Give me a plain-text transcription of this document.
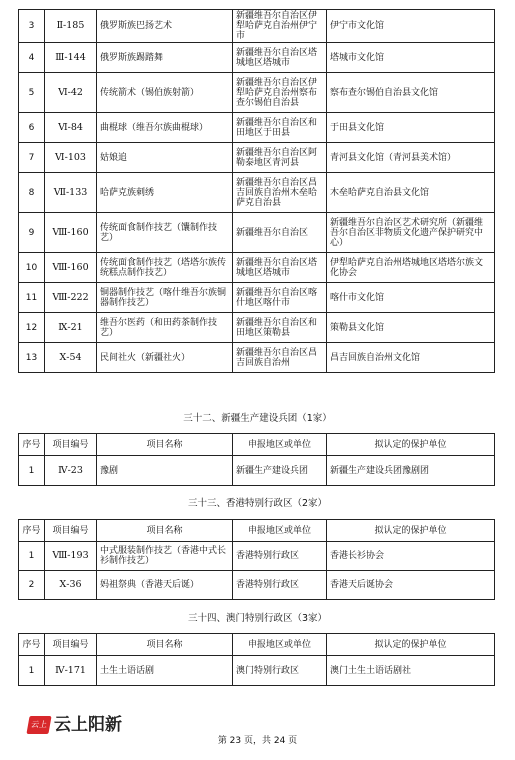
3	Ⅱ-185	俄罗斯族巴扬艺术	新疆维吾尔自治区伊犁哈萨克自治州伊宁市	伊宁市文化馆
4	Ⅲ-144	俄罗斯族踢踏舞	新疆维吾尔自治区塔城地区塔城市	塔城市文化馆
5	Ⅵ-42	传统箭术（锡伯族射箭）	新疆维吾尔自治区伊犁哈萨克自治州察布查尔锡伯自治县	察布查尔锡伯自治县文化馆
6	Ⅵ-84	曲棍球（维吾尔族曲棍球）	新疆维吾尔自治区和田地区于田县	于田县文化馆
7	Ⅵ-103	姑娘追	新疆维吾尔自治区阿勒泰地区青河县	青河县文化馆（青河县美术馆）
8	Ⅶ-133	哈萨克族刺绣	新疆维吾尔自治区昌吉回族自治州木垒哈萨克自治县	木垒哈萨克自治县文化馆
9	Ⅷ-160	传统面食制作技艺（馕制作技艺）	新疆维吾尔自治区	新疆维吾尔自治区艺术研究所（新疆维吾尔自治区非物质文化遗产保护研究中心）
10	Ⅷ-160	传统面食制作技艺（塔塔尔族传统糕点制作技艺）	新疆维吾尔自治区塔城地区塔城市	伊犁哈萨克自治州塔城地区塔塔尔族文化协会
11	Ⅷ-222	铜器制作技艺（喀什维吾尔族铜器制作技艺）	新疆维吾尔自治区喀什地区喀什市	喀什市文化馆
12	Ⅸ-21	维吾尔医药（和田药茶制作技艺）	新疆维吾尔自治区和田地区策勒县	策勒县文化馆
13	Ⅹ-54	民间社火（新疆社火）	新疆维吾尔自治区昌吉回族自治州	昌吉回族自治州文化馆
三十二、新疆生产建设兵团（1家）
序号	项目编号	项目名称	申报地区或单位	拟认定的保护单位
1	Ⅳ-23	豫剧	新疆生产建设兵团	新疆生产建设兵团豫剧团
三十三、香港特别行政区（2家）
序号	项目编号	项目名称	申报地区或单位	拟认定的保护单位
1	Ⅷ-193	中式服装制作技艺（香港中式长衫制作技艺）	香港特别行政区	香港长衫协会
2	Ⅹ-36	妈祖祭典（香港天后诞）	香港特别行政区	香港天后诞协会
三十四、澳门特别行政区（3家）
序号	项目编号	项目名称	申报地区或单位	拟认定的保护单位
1	Ⅳ-171	土生土语话剧	澳门特别行政区	澳门土生土语话剧社
云上 云上阳新
第 23 页，共 24 页
